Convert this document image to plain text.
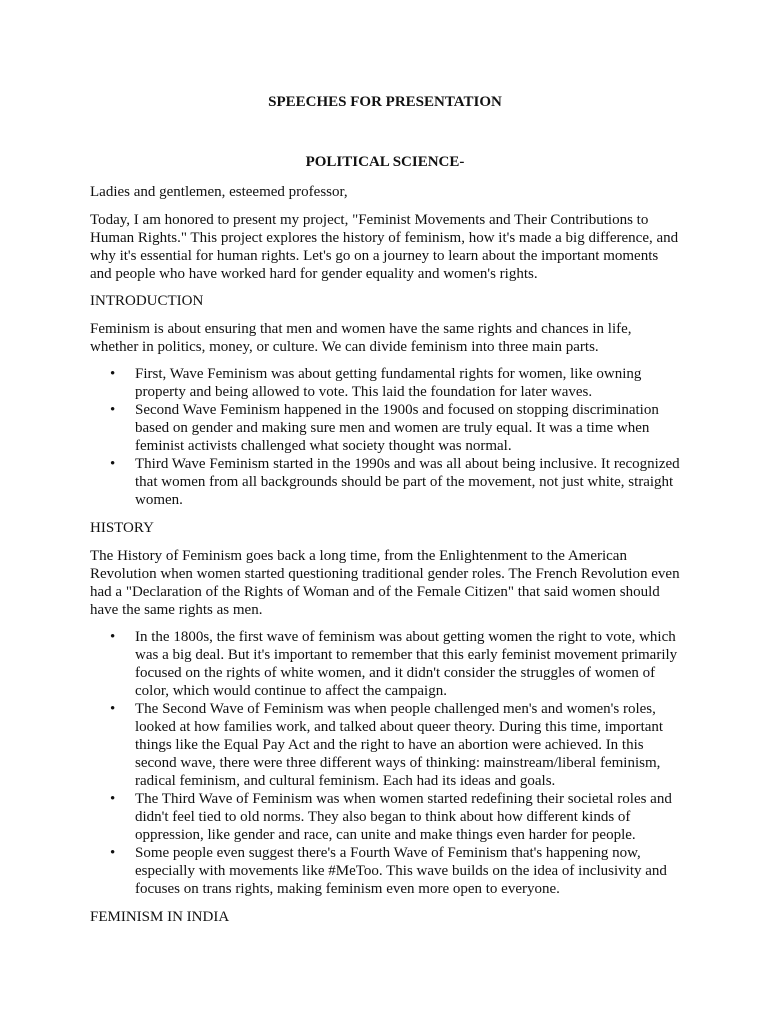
SPEECHES FOR PRESENTATION

POLITICAL SCIENCE-

Ladies and gentlemen, esteemed professor,

Today, I am honored to present my project, "Feminist Movements and Their Contributions to Human Rights." This project explores the history of feminism, how it's made a big difference, and why it's essential for human rights. Let's go on a journey to learn about the important moments and people who have worked hard for gender equality and women's rights.

INTRODUCTION

Feminism is about ensuring that men and women have the same rights and chances in life, whether in politics, money, or culture. We can divide feminism into three main parts.

• First, Wave Feminism was about getting fundamental rights for women, like owning property and being allowed to vote. This laid the foundation for later waves.
• Second Wave Feminism happened in the 1900s and focused on stopping discrimination based on gender and making sure men and women are truly equal. It was a time when feminist activists challenged what society thought was normal.
• Third Wave Feminism started in the 1990s and was all about being inclusive. It recognized that women from all backgrounds should be part of the movement, not just white, straight women.

HISTORY

The History of Feminism goes back a long time, from the Enlightenment to the American Revolution when women started questioning traditional gender roles. The French Revolution even had a "Declaration of the Rights of Woman and of the Female Citizen" that said women should have the same rights as men.

• In the 1800s, the first wave of feminism was about getting women the right to vote, which was a big deal. But it's important to remember that this early feminist movement primarily focused on the rights of white women, and it didn't consider the struggles of women of color, which would continue to affect the campaign.
• The Second Wave of Feminism was when people challenged men's and women's roles, looked at how families work, and talked about queer theory. During this time, important things like the Equal Pay Act and the right to have an abortion were achieved. In this second wave, there were three different ways of thinking: mainstream/liberal feminism, radical feminism, and cultural feminism. Each had its ideas and goals.
• The Third Wave of Feminism was when women started redefining their societal roles and didn't feel tied to old norms. They also began to think about how different kinds of oppression, like gender and race, can unite and make things even harder for people.
• Some people even suggest there's a Fourth Wave of Feminism that's happening now, especially with movements like #MeToo. This wave builds on the idea of inclusivity and focuses on trans rights, making feminism even more open to everyone.

FEMINISM IN INDIA
